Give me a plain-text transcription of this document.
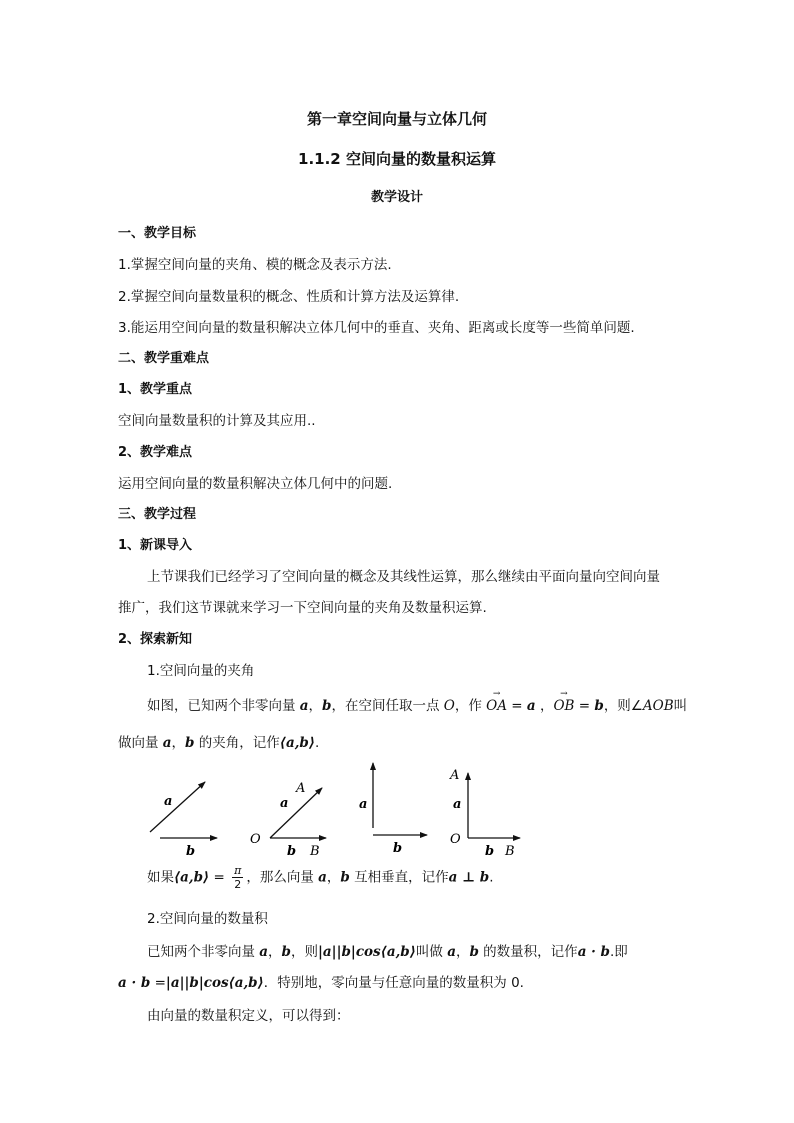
第一章空间向量与立体几何
1.1.2 空间向量的数量积运算
教学设计
一、教学目标
1.掌握空间向量的夹角、模的概念及表示方法.
2.掌握空间向量数量积的概念、性质和计算方法及运算律.
3.能运用空间向量的数量积解决立体几何中的垂直、夹角、距离或长度等一些简单问题.
二、教学重难点
1、教学重点
空间向量数量积的计算及其应用..
2、教学难点
运用空间向量的数量积解决立体几何中的问题.
三、教学过程
1、新课导入
上节课我们已经学习了空间向量的概念及其线性运算，那么继续由平面向量向空间向量
推广，我们这节课就来学习一下空间向量的夹角及数量积运算.
2、探索新知
1.空间向量的夹角
如图，已知两个非零向量 a，b，在空间任取一点 O，作
→
OA = a ，
→
OB = b，则∠AOB叫
做向量 a，b 的夹角，记作⟨a,b⟩.
a
b
a
A
O
b B
a
b
A
a
O
b B
如果⟨a,b⟩ = $\frac{\pi}{2}$ ，那么向量 a，b 互相垂直，记作a ⊥ b.
2.空间向量的数量积
已知两个非零向量 a，b，则|a||b|cos⟨a,b⟩叫做 a，b 的数量积，记作a · b.即
a · b =|a||b|cos⟨a,b⟩．特别地，零向量与任意向量的数量积为 0.
由向量的数量积定义，可以得到：
